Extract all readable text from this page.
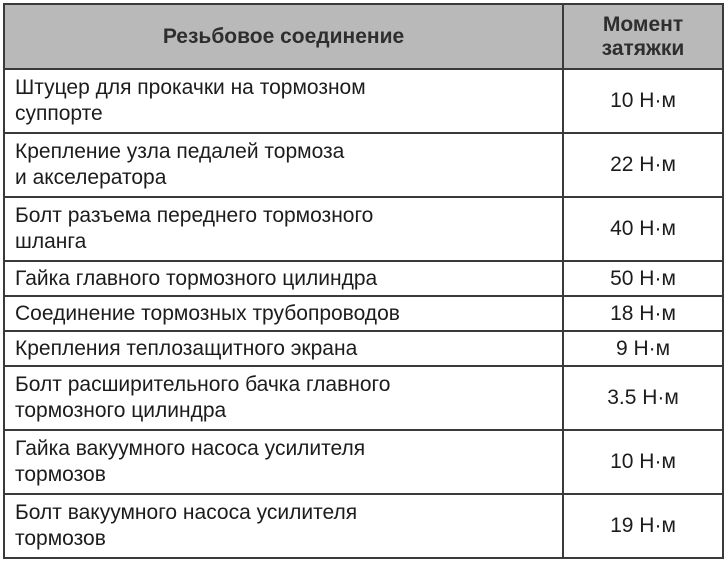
Резьбовое соединение	Момент
затяжки

Штуцер для прокачки на тормозном
суппорте	10 Н·м

Крепление узла педалей тормоза
и акселератора	22 Н·м

Болт разъема переднего тормозного
шланга	40 Н·м
Гайка главного тормозного цилиндра	50 Н·м
Соединение тормозных трубопроводов	18 Н·м
Крепления теплозащитного экрана	9 Н·м

Болт расширительного бачка главного
тормозного цилиндра	3.5 Н·м

Гайка вакуумного насоса усилителя
тормозов	10 Н·м

Болт вакуумного насоса усилителя
тормозов	19 Н·м
